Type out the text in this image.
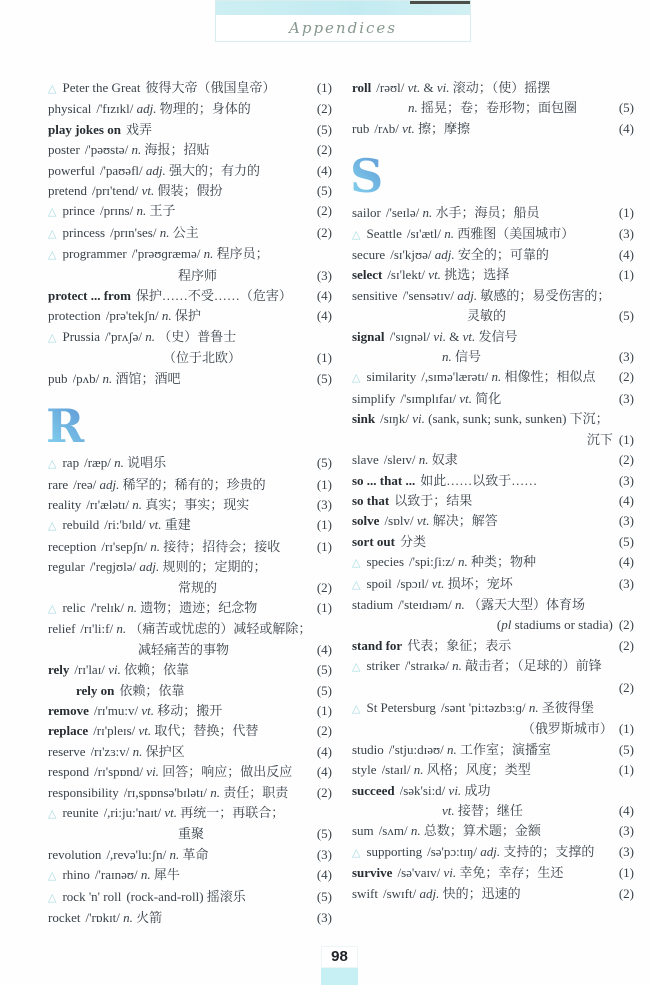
Appendices
△ Peter the Great 彼得大帝（俄国皇帝）	(1)
physical /'fɪzɪkl/ adj. 物理的；身体的	(2)
play jokes on 戏弄	(5)
poster /'pəʊstə/ n. 海报；招贴	(2)
powerful /'paʊəfl/ adj. 强大的；有力的	(4)
pretend /prɪ'tend/ vt. 假装；假扮	(5)
△ prince /prɪns/ n. 王子	(2)
△ princess /prɪn'ses/ n. 公主	(2)
△ programmer /'prəʊɡræmə/ n. 程序员；
程序师	(3)
protect ... from 保护……不受……（危害）	(4)
protection /prə'tekʃn/ n. 保护	(4)
△ Prussia /'prʌʃə/ n. （史）普鲁士
（位于北欧）	(1)
pub /pʌb/ n. 酒馆；酒吧	(5)
R
△ rap /ræp/ n. 说唱乐	(5)
rare /reə/ adj. 稀罕的；稀有的；珍贵的	(1)
reality /rɪ'ælətɪ/ n. 真实；事实；现实	(3)
△ rebuild /ri:'bɪld/ vt. 重建	(1)
reception /rɪ'sepʃn/ n. 接待；招待会；接收	(1)
regular /'reɡjʊlə/ adj. 规则的；定期的；
常规的	(2)
△ relic /'relɪk/ n. 遗物；遗迹；纪念物	(1)
relief /rɪ'li:f/ n. （痛苦或忧虑的）减轻或解除；
减轻痛苦的事物	(4)
rely /rɪ'laɪ/ vi. 依赖；依靠	(5)
rely on 依赖；依靠	(5)
remove /rɪ'mu:v/ vt. 移动；搬开	(1)
replace /rɪ'pleɪs/ vt. 取代；替换；代替	(2)
reserve /rɪ'zɜ:v/ n. 保护区	(4)
respond /rɪ'spɒnd/ vi. 回答；响应；做出反应	(4)
responsibility /rɪ,spɒnsə'bɪlətɪ/ n. 责任；职责	(2)
△ reunite /,ri:ju:'naɪt/ vt. 再统一；再联合；
重聚	(5)
revolution /,revə'lu:ʃn/ n. 革命	(3)
△ rhino /'raɪnəʊ/ n. 犀牛	(4)
△ rock 'n' roll (rock-and-roll) 摇滚乐	(5)
rocket /'rɒkɪt/ n. 火箭	(3)
roll /rəʊl/ vt. & vi. 滚动；（使）摇摆
n. 摇晃；卷；卷形物；面包圈	(5)
rub /rʌb/ vt. 擦；摩擦	(4)
S
sailor /'seɪlə/ n. 水手；海员；船员	(1)
△ Seattle /sɪ'ætl/ n. 西雅图（美国城市）	(3)
secure /sɪ'kjʊə/ adj. 安全的；可靠的	(4)
select /sɪ'lekt/ vt. 挑选；选择	(1)
sensitive /'sensətɪv/ adj. 敏感的；易受伤害的；
灵敏的	(5)
signal /'sɪɡnəl/ vi. & vt. 发信号
n. 信号	(3)
△ similarity /,sɪmə'lærətɪ/ n. 相像性；相似点	(2)
simplify /'sɪmplɪfaɪ/ vt. 简化	(3)
sink /sɪŋk/ vi. (sank, sunk; sunk, sunken) 下沉；
沉下 (1)
slave /sleɪv/ n. 奴隶	(2)
so ... that ... 如此……以致于……	(3)
so that 以致于；结果	(4)
solve /sɒlv/ vt. 解决；解答	(3)
sort out 分类	(5)
△ species /'spi:ʃi:z/ n. 种类；物种	(4)
△ spoil /spɔɪl/ vt. 损坏；宠坏	(3)
stadium /'steɪdɪəm/ n. （露天大型）体育场
(pl stadiums or stadia) (2)
stand for 代表；象征；表示	(2)
△ striker /'straɪkə/ n. 敲击者；（足球的）前锋
(2)
△ St Petersburg /sənt 'pi:təzbɜ:ɡ/ n. 圣彼得堡
（俄罗斯城市） (1)
studio /'stju:dɪəʊ/ n. 工作室；演播室	(5)
style /staɪl/ n. 风格；风度；类型	(1)
succeed /sək'si:d/ vi. 成功
vt. 接替；继任	(4)
sum /sʌm/ n. 总数；算术题；金额	(3)
△ supporting /sə'pɔ:tɪŋ/ adj. 支持的；支撑的	(3)
survive /sə'vaɪv/ vi. 幸免；幸存；生还	(1)
swift /swɪft/ adj. 快的；迅速的	(2)
98
